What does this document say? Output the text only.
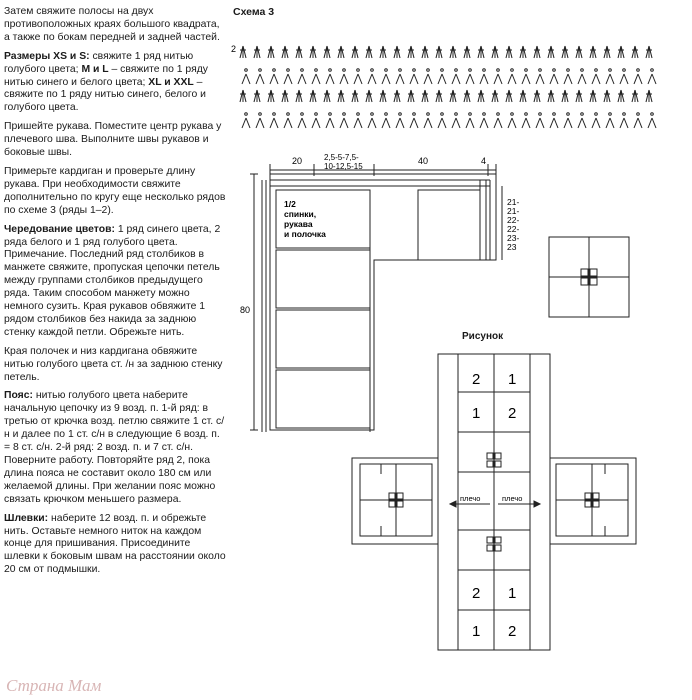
Затем свяжите полосы на двух противоположных краях большого квадрата, а также по бокам передней и задней частей.

Размеры XS и S: свяжите 1 ряд нитью голубого цвета; M и L – свяжите по 1 ряду нитью синего и белого цвета; XL и XXL – свяжите по 1 ряду нитью синего, белого и голубого цвета.

Пришейте рукава. Поместите центр рукава у плечевого шва. Выполните швы рукавов и боковые швы.

Примерьте кардиган и проверьте длину рукава. При необходимости свяжите дополнительно по кругу еще несколько рядов по схеме 3 (ряды 1–2).

Чередование цветов: 1 ряд синего цвета, 2 ряда белого и 1 ряд голубого цвета. Примечание. Последний ряд столбиков в манжете свяжите, пропуская цепочки петель между группами столбиков предыдущего ряда. Таким способом манжету можно немного сузить. Края рукавов обвяжите 1 рядом столбиков без накида за заднюю стенку каждой петли. Обрежьте нить.

Края полочек и низ кардигана обвяжите нитью голубого цвета ст. /н за заднюю стенку петель.

Пояс: нитью голубого цвета наберите начальную цепочку из 9 возд. п. 1-й ряд: в третью от крючка возд. петлю свяжите 1 ст. с/н и далее по 1 ст. с/н в следующие 6 возд. п. = 8 ст. с/н. 2-й ряд: 2 возд. п. и 7 ст. с/н. Поверните работу. Повторяйте ряд 2, пока длина пояса не составит около 180 см или желаемой длины. При желании пояс можно связать крючком меньшего размера.

Шлевки: наберите 12 возд. п. и обрежьте нить. Оставьте немного ниток на каждом конце для пришивания. Присоедините шлевки к боковым швам на расстоянии около 20 см от подмышки.

Схема 3
2
20	2,5-5-7,5-
10-12,5-15
40	4
80
21-
21-
22-
22-
23-
23
1/2
спинки,
рукава
и полочка
Рисунок
2 1
1 2
2 1
1 2
плечо	плечо
Страна Мам
